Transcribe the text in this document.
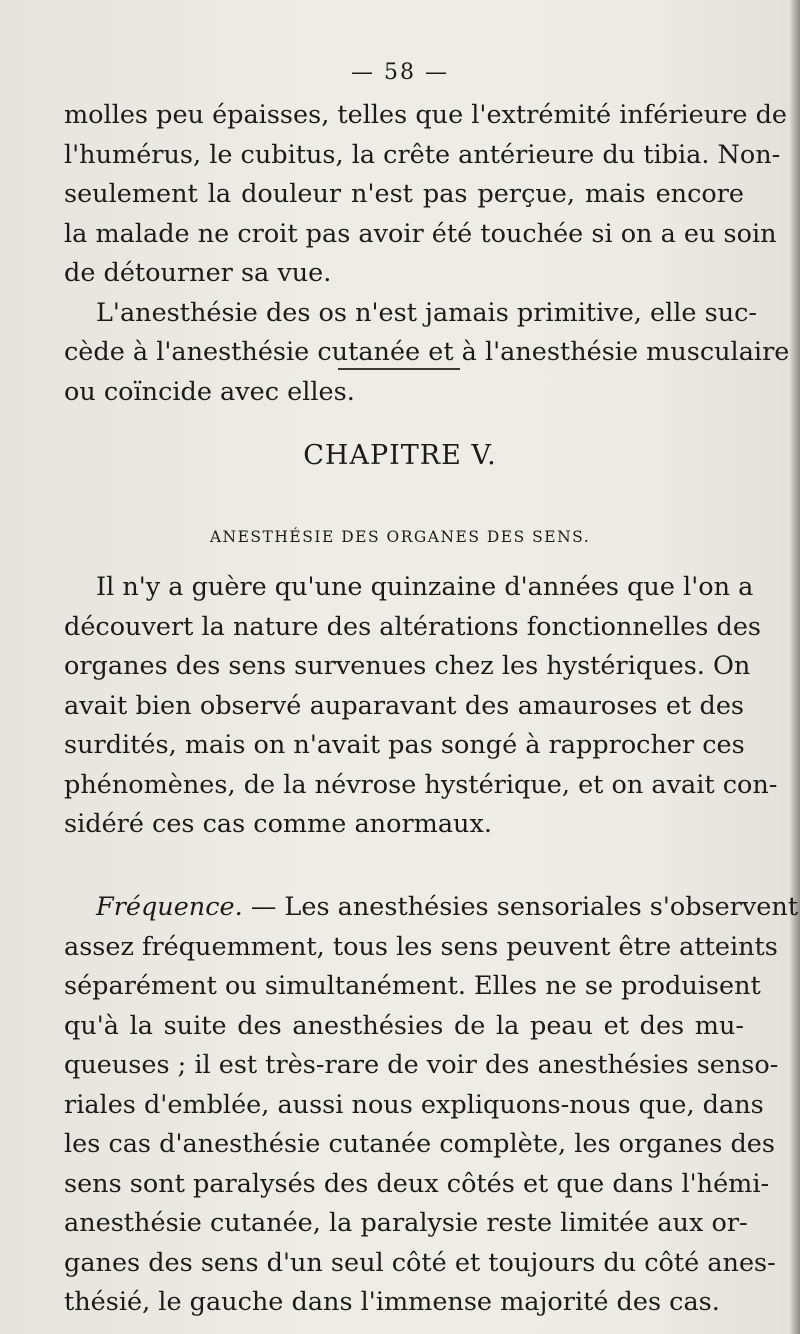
— 58 —
molles peu épaisses, telles que l'extrémité inférieure de
l'humérus, le cubitus, la crête antérieure du tibia. Non-
seulement la douleur n'est pas perçue, mais encore
la malade ne croit pas avoir été touchée si on a eu soin
de détourner sa vue.
L'anesthésie des os n'est jamais primitive, elle suc-
cède à l'anesthésie cutanée et à l'anesthésie musculaire
ou coïncide avec elles.
CHAPITRE V.
ANESTHÉSIE DES ORGANES DES SENS.
Il n'y a guère qu'une quinzaine d'années que l'on a
découvert la nature des altérations fonctionnelles des
organes des sens survenues chez les hystériques. On
avait bien observé auparavant des amauroses et des
surdités, mais on n'avait pas songé à rapprocher ces
phénomènes, de la névrose hystérique, et on avait con-
sidéré ces cas comme anormaux.
Fréquence. — Les anesthésies sensoriales s'observent
assez fréquemment, tous les sens peuvent être atteints
séparément ou simultanément. Elles ne se produisent
qu'à la suite des anesthésies de la peau et des mu-
queuses ; il est très-rare de voir des anesthésies senso-
riales d'emblée, aussi nous expliquons-nous que, dans
les cas d'anesthésie cutanée complète, les organes des
sens sont paralysés des deux côtés et que dans l'hémi-
anesthésie cutanée, la paralysie reste limitée aux or-
ganes des sens d'un seul côté et toujours du côté anes-
thésié, le gauche dans l'immense majorité des cas.
